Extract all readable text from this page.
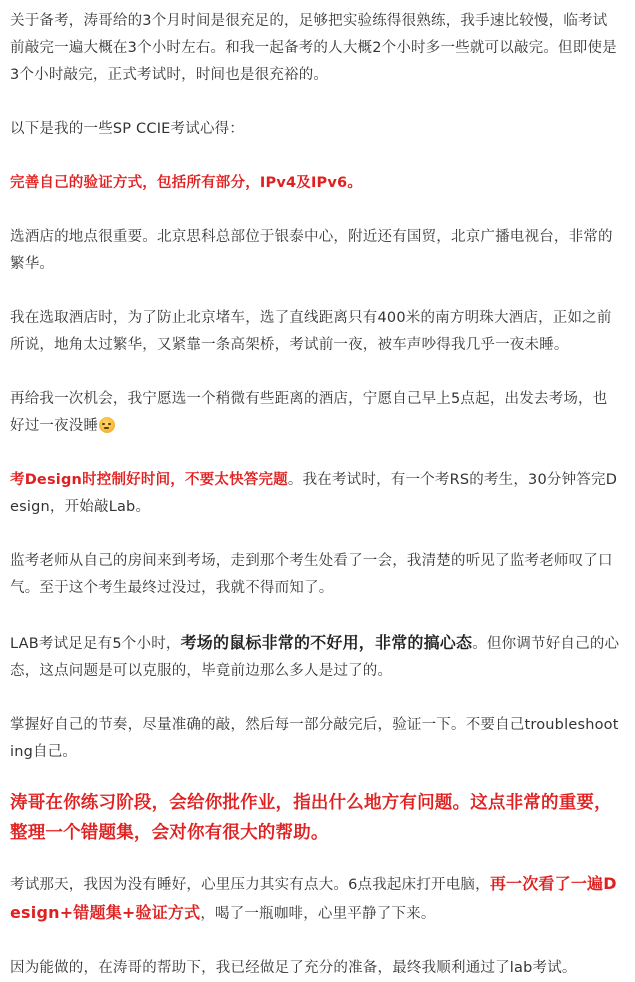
关于备考，涛哥给的3个月时间是很充足的，足够把实验练得很熟练，我手速比较慢，临考试前敲完一遍大概在3个小时左右。和我一起备考的人大概2个小时多一些就可以敲完。但即使是3个小时敲完，正式考试时，时间也是很充裕的。

以下是我的一些SP CCIE考试心得：

完善自己的验证方式，包括所有部分，IPv4及IPv6。

选酒店的地点很重要。北京思科总部位于银泰中心，附近还有国贸，北京广播电视台，非常的繁华。

我在选取酒店时，为了防止北京堵车，选了直线距离只有400米的南方明珠大酒店，正如之前所说，地角太过繁华，又紧靠一条高架桥，考试前一夜，被车声吵得我几乎一夜未睡。

再给我一次机会，我宁愿选一个稍微有些距离的酒店，宁愿自己早上5点起，出发去考场，也好过一夜没睡

考Design时控制好时间，不要太快答完题。我在考试时，有一个考RS的考生，30分钟答完Design，开始敲Lab。

监考老师从自己的房间来到考场，走到那个考生处看了一会，我清楚的听见了监考老师叹了口气。至于这个考生最终过没过，我就不得而知了。

LAB考试足足有5个小时，考场的鼠标非常的不好用，非常的搞心态。但你调节好自己的心态，这点问题是可以克服的，毕竟前边那么多人是过了的。

掌握好自己的节奏，尽量准确的敲，然后每一部分敲完后，验证一下。不要自己troubleshooting自己。

涛哥在你练习阶段，会给你批作业，指出什么地方有问题。这点非常的重要，整理一个错题集，会对你有很大的帮助。

考试那天，我因为没有睡好，心里压力其实有点大。6点我起床打开电脑，再一次看了一遍Design+错题集+验证方式，喝了一瓶咖啡，心里平静了下来。

因为能做的，在涛哥的帮助下，我已经做足了充分的准备，最终我顺利通过了lab考试。
